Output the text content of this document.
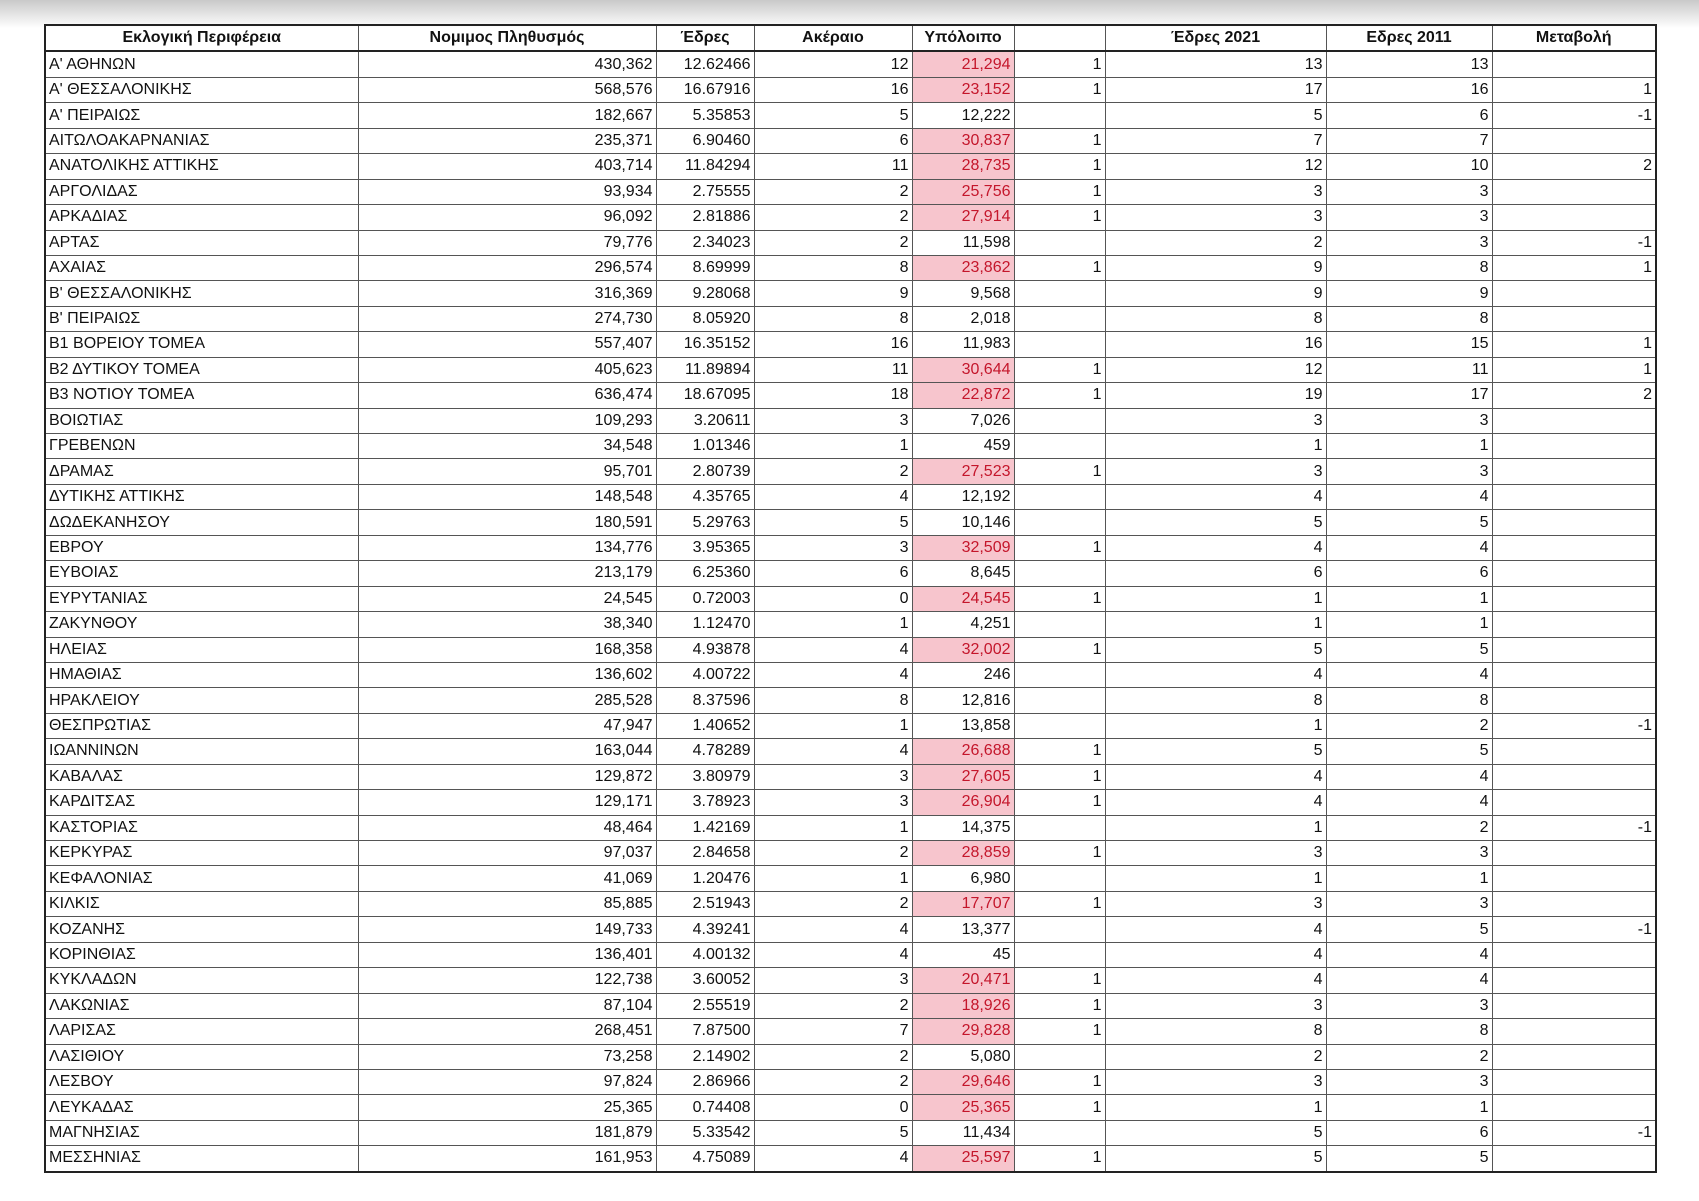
Εκλογική Περιφέρεια	Νομιμος Πληθυσμός	Έδρες	Ακέραιο	Υπόλοιπο		Έδρες 2021	Εδρες 2011	Μεταβολή
Α' ΑΘΗΝΩΝ	430,362	12.62466	12	21,294	1	13	13	
Α' ΘΕΣΣΑΛΟΝΙΚΗΣ	568,576	16.67916	16	23,152	1	17	16	1
Α' ΠΕΙΡΑΙΩΣ	182,667	5.35853	5	12,222		5	6	-1
ΑΙΤΩΛΟΑΚΑΡΝΑΝΙΑΣ	235,371	6.90460	6	30,837	1	7	7	
ΑΝΑΤΟΛΙΚΗΣ ΑΤΤΙΚΗΣ	403,714	11.84294	11	28,735	1	12	10	2
ΑΡΓΟΛΙΔΑΣ	93,934	2.75555	2	25,756	1	3	3	
ΑΡΚΑΔΙΑΣ	96,092	2.81886	2	27,914	1	3	3	
ΑΡΤΑΣ	79,776	2.34023	2	11,598		2	3	-1
ΑΧΑΙΑΣ	296,574	8.69999	8	23,862	1	9	8	1
Β' ΘΕΣΣΑΛΟΝΙΚΗΣ	316,369	9.28068	9	9,568		9	9	
Β' ΠΕΙΡΑΙΩΣ	274,730	8.05920	8	2,018		8	8	
Β1 ΒΟΡΕΙΟΥ ΤΟΜΕΑ	557,407	16.35152	16	11,983		16	15	1
Β2 ΔΥΤΙΚΟΥ ΤΟΜΕΑ	405,623	11.89894	11	30,644	1	12	11	1
Β3 ΝΟΤΙΟΥ ΤΟΜΕΑ	636,474	18.67095	18	22,872	1	19	17	2
ΒΟΙΩΤΙΑΣ	109,293	3.20611	3	7,026		3	3	
ΓΡΕΒΕΝΩΝ	34,548	1.01346	1	459		1	1	
ΔΡΑΜΑΣ	95,701	2.80739	2	27,523	1	3	3	
ΔΥΤΙΚΗΣ ΑΤΤΙΚΗΣ	148,548	4.35765	4	12,192		4	4	
ΔΩΔΕΚΑΝΗΣΟΥ	180,591	5.29763	5	10,146		5	5	
ΕΒΡΟΥ	134,776	3.95365	3	32,509	1	4	4	
ΕΥΒΟΙΑΣ	213,179	6.25360	6	8,645		6	6	
ΕΥΡΥΤΑΝΙΑΣ	24,545	0.72003	0	24,545	1	1	1	
ΖΑΚΥΝΘΟΥ	38,340	1.12470	1	4,251		1	1	
ΗΛΕΙΑΣ	168,358	4.93878	4	32,002	1	5	5	
ΗΜΑΘΙΑΣ	136,602	4.00722	4	246		4	4	
ΗΡΑΚΛΕΙΟΥ	285,528	8.37596	8	12,816		8	8	
ΘΕΣΠΡΩΤΙΑΣ	47,947	1.40652	1	13,858		1	2	-1
ΙΩΑΝΝΙΝΩΝ	163,044	4.78289	4	26,688	1	5	5	
ΚΑΒΑΛΑΣ	129,872	3.80979	3	27,605	1	4	4	
ΚΑΡΔΙΤΣΑΣ	129,171	3.78923	3	26,904	1	4	4	
ΚΑΣΤΟΡΙΑΣ	48,464	1.42169	1	14,375		1	2	-1
ΚΕΡΚΥΡΑΣ	97,037	2.84658	2	28,859	1	3	3	
ΚΕΦΑΛΟΝΙΑΣ	41,069	1.20476	1	6,980		1	1	
ΚΙΛΚΙΣ	85,885	2.51943	2	17,707	1	3	3	
ΚΟΖΑΝΗΣ	149,733	4.39241	4	13,377		4	5	-1
ΚΟΡΙΝΘΙΑΣ	136,401	4.00132	4	45		4	4	
ΚΥΚΛΑΔΩΝ	122,738	3.60052	3	20,471	1	4	4	
ΛΑΚΩΝΙΑΣ	87,104	2.55519	2	18,926	1	3	3	
ΛΑΡΙΣΑΣ	268,451	7.87500	7	29,828	1	8	8	
ΛΑΣΙΘΙΟΥ	73,258	2.14902	2	5,080		2	2	
ΛΕΣΒΟΥ	97,824	2.86966	2	29,646	1	3	3	
ΛΕΥΚΑΔΑΣ	25,365	0.74408	0	25,365	1	1	1	
ΜΑΓΝΗΣΙΑΣ	181,879	5.33542	5	11,434		5	6	-1
ΜΕΣΣΗΝΙΑΣ	161,953	4.75089	4	25,597	1	5	5	
